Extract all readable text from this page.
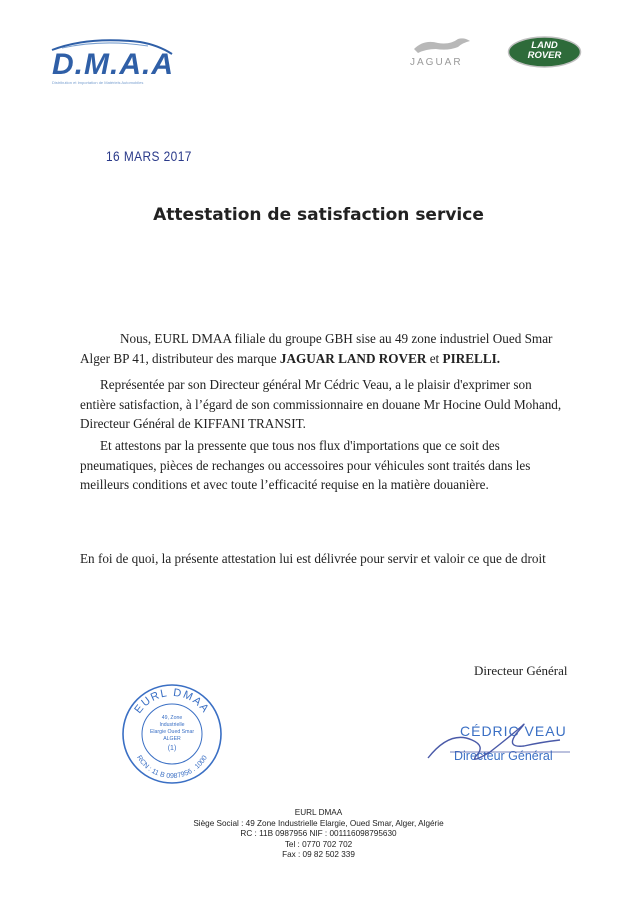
D.M.A.A
Distribution et Importation de Matériels Automobiles
JAGUAR
LAND
ROVER
16 MARS 2017
Attestation de satisfaction service
Nous, EURL DMAA filiale du groupe GBH sise au 49 zone industriel Oued Smar
Alger BP 41, distributeur des marque JAGUAR LAND ROVER et PIRELLI.
Représentée par son Directeur général Mr Cédric Veau, a le plaisir d'exprimer son
entière satisfaction, à l’égard de son commissionnaire en douane Mr Hocine Ould Mohand,
Directeur Général de KIFFANI TRANSIT.
Et attestons par la pressente que tous nos flux d'importations que ce soit des
pneumatiques, pièces de rechanges ou accessoires pour véhicules sont traités dans les
meilleurs conditions et avec toute l’efficacité requise en la matière douanière.
En foi de quoi, la présente attestation lui est délivrée pour servir et valoir ce que de droit
Directeur Général
EURL DMAA
RCN : 11 B 0987956 . 1000
49, Zone
Industrielle
Elargie Oued Smar
ALGER
(1)
CÉDRIC VEAU
Directeur Général
EURL DMAA
Siège Social : 49 Zone Industrielle Elargie, Oued Smar, Alger, Algérie
RC : 11B 0987956 NIF : 001116098795630
Tel : 0770 702 702
Fax : 09 82 502 339
